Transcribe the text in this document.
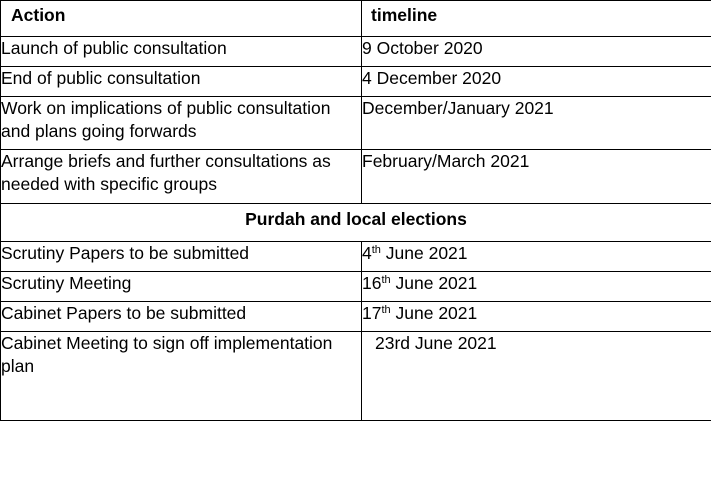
Action	timeline
Launch of public consultation	9 October 2020
End of public consultation	4 December 2020
Work on implications of public consultation and plans going forwards	December/January 2021
Arrange briefs and further consultations as needed with specific groups	February/March 2021
Purdah and local elections	
Scrutiny Papers to be submitted	4th June 2021
Scrutiny Meeting	16th June 2021
Cabinet Papers to be submitted	17th June 2021
Cabinet Meeting to sign off implementation plan	23rd June 2021
